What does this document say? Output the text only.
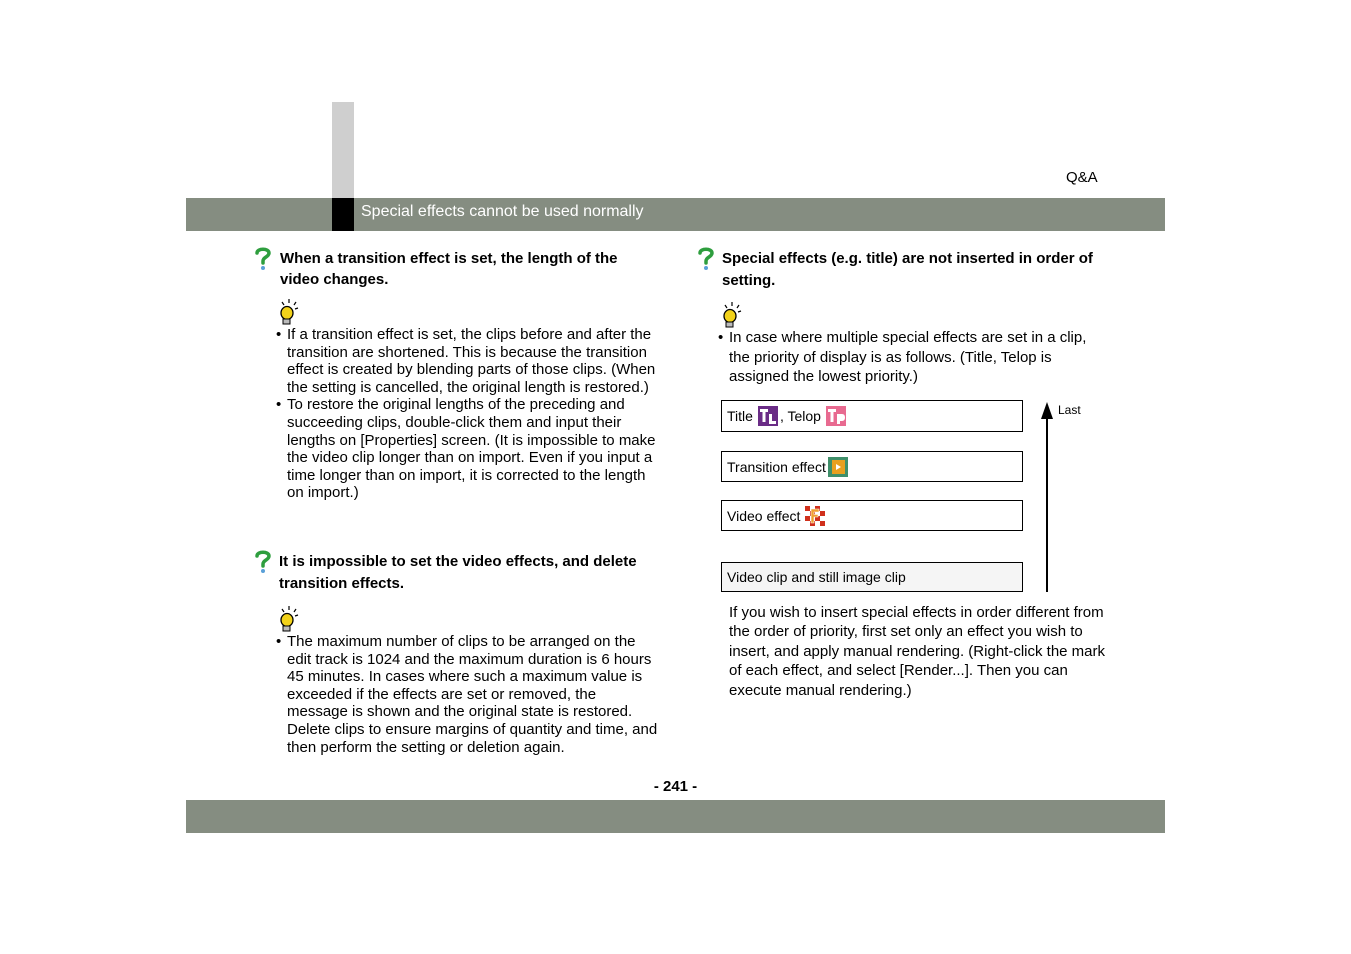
Special effects cannot be used normally
Q&A
When a transition effect is set, the length of the video changes.
• If a transition effect is set, the clips before and after the transition are shortened. This is because the transition effect is created by blending parts of those clips. (When the setting is cancelled, the original length is restored.)
• To restore the original lengths of the preceding and succeeding clips, double-click them and input their lengths on [Properties] screen. (It is impossible to make the video clip longer than on import. Even if you input a time longer than on import, it is corrected to the length on import.)
It is impossible to set the video effects, and delete transition effects.
• The maximum number of clips to be arranged on the edit track is 1024 and the maximum duration is 6 hours 45 minutes. In cases where such a maximum value is exceeded if the effects are set or removed, the message is shown and the original state is restored.
Delete clips to ensure margins of quantity and time, and then perform the setting or deletion again.
Special effects (e.g. title) are not inserted in order of setting.
• In case where multiple special effects are set in a clip, the priority of display is as follows. (Title, Telop is assigned the lowest priority.)
Title , Telop
Transition effect
Video effect
Video clip and still image clip
Last
If you wish to insert special effects in order different from the order of priority, first set only an effect you wish to insert, and apply manual rendering. (Right-click the mark of each effect, and select [Render...]. Then you can execute manual rendering.)
- 241 -
